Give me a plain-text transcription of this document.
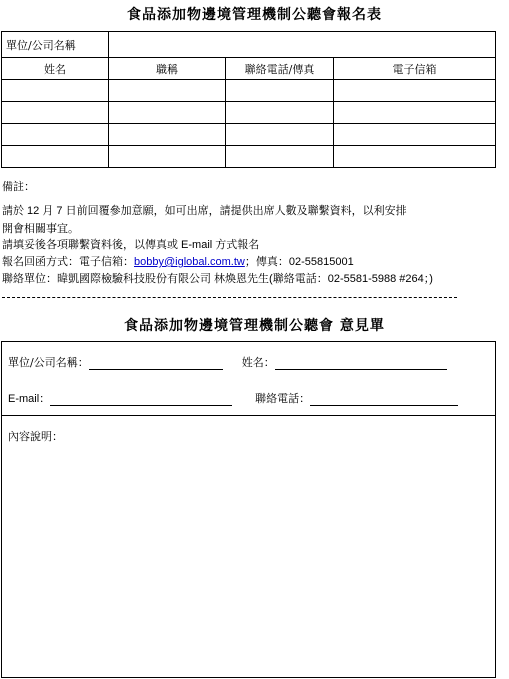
食品添加物邊境管理機制公聽會報名表
單位/公司名稱			
姓名	職稱	聯絡電話/傳真	電子信箱

備註：
請於 12 月 7 日前回覆參加意願，如可出席，請提供出席人數及聯繫資料，以利安排
開會相關事宜。
請填妥後各項聯繫資料後，以傳真或 E-mail 方式報名
報名回函方式：電子信箱：bobby@iglobal.com.tw；傳真：02-55815001
聯絡單位：暐凱國際檢驗科技股份有限公司 林煥恩先生(聯絡電話：02-5581-5988 #264；)
食品添加物邊境管理機制公聽會 意見單
單位/公司名稱：	姓名：
E-mail：	聯絡電話：
內容說明：
